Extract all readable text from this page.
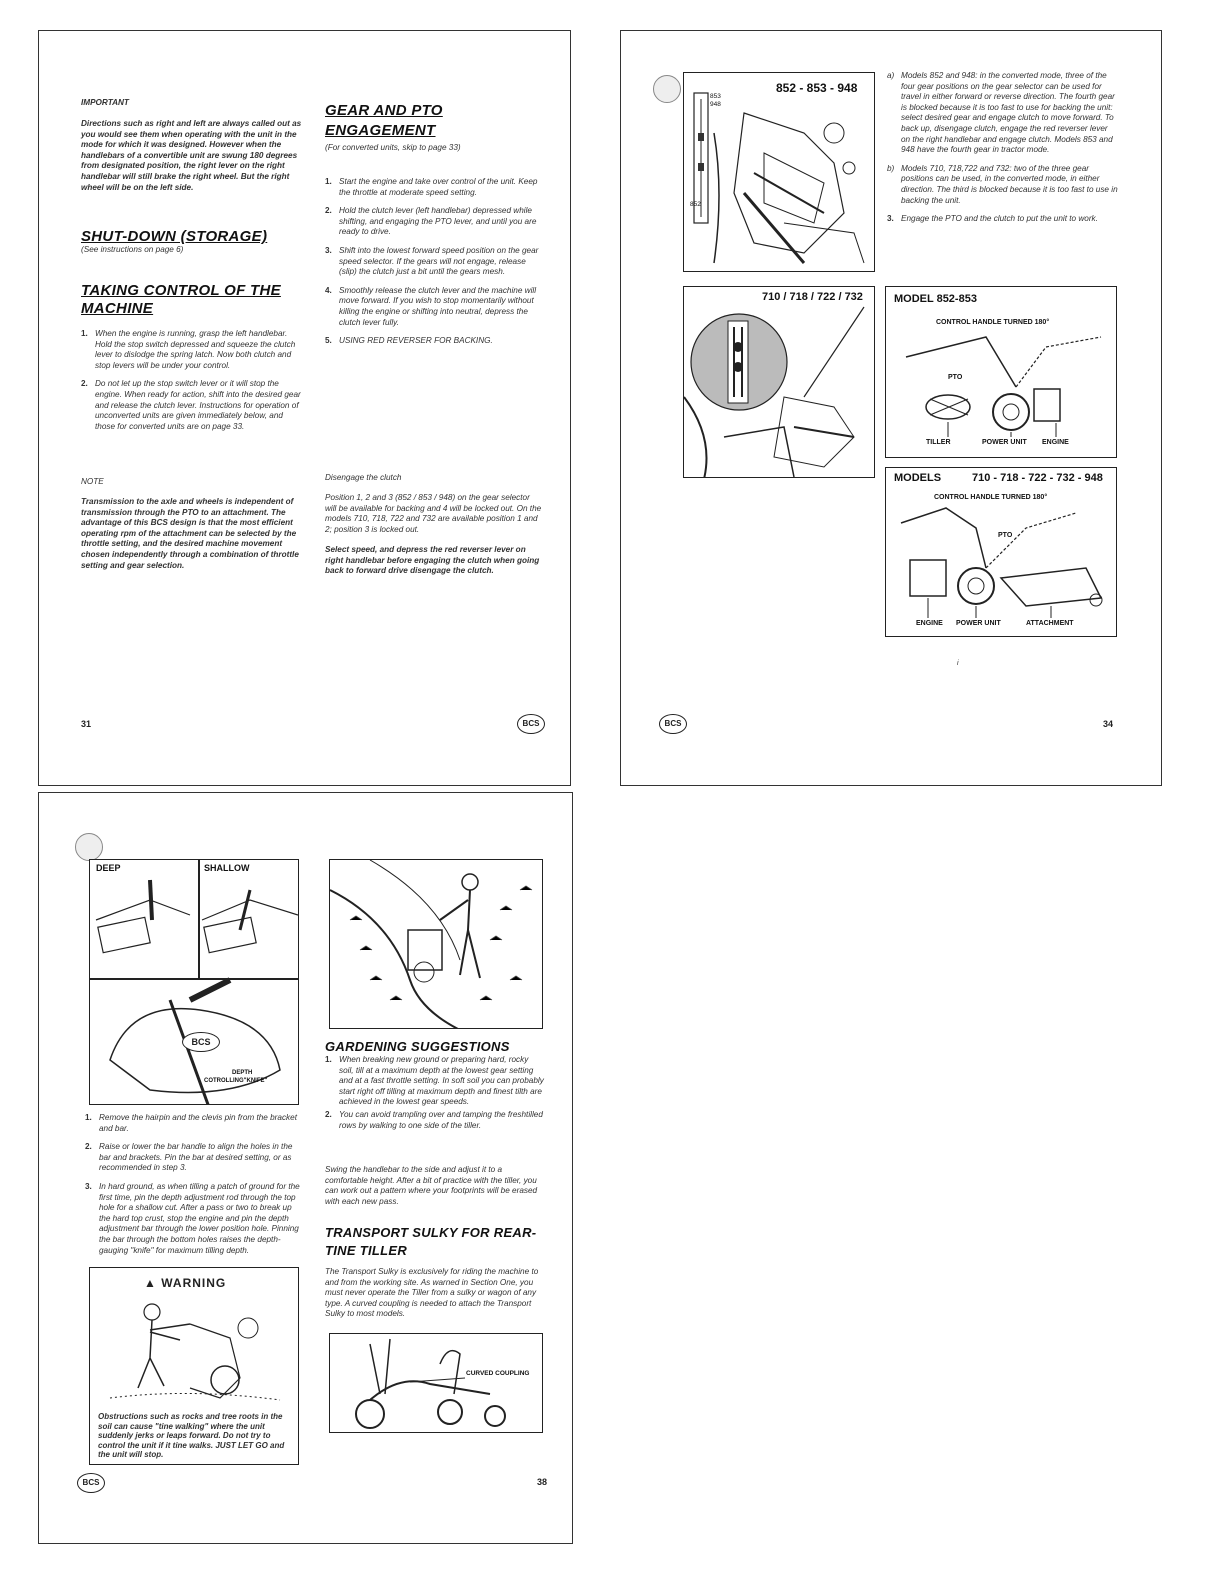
IMPORTANT
Directions such as right and left are always called out as you would see them when operating with the unit in the mode for which it was designed. However when the handlebars of a convertible unit are swung 180 degrees from designated position, the right lever on the right handlebar will still brake the right wheel. But the right wheel will be on the left side.
SHUT-DOWN (STORAGE)
(See instructions on page 6)
TAKING CONTROL OF THE
MACHINE
1. When the engine is running, grasp the left handlebar. Hold the stop switch depressed and squeeze the clutch lever to dislodge the spring latch. Now both clutch and stop levers will be under your control.
2. Do not let up the stop switch lever or it will stop the engine. When ready for action, shift into the desired gear and release the clutch lever. Instructions for operation of unconverted units are given immediately below, and those for converted units are on page 33.
NOTE
Transmission to the axle and wheels is independent of transmission through the PTO to an attachment. The advantage of this BCS design is that the most efficient operating rpm of the attachment can be selected by the throttle setting, and the desired machine movement chosen independently through a combination of throttle setting and gear selection.
GEAR AND PTO
ENGAGEMENT
(For converted units, skip to page 33)
1. Start the engine and take over control of the unit. Keep the throttle at moderate speed setting.
2. Hold the clutch lever (left handlebar) depressed while shifting, and engaging the PTO lever, and until you are ready to drive.
3. Shift into the lowest forward speed position on the gear speed selector. If the gears will not engage, release (slip) the clutch just a bit until the gears mesh.
4. Smoothly release the clutch lever and the machine will move forward. If you wish to stop momentarily without killing the engine or shifting into neutral, depress the clutch lever fully.
5. USING RED REVERSER FOR BACKING.
Disengage the clutch
Position 1, 2 and 3 (852 / 853 / 948) on the gear selector will be available for backing and 4 will be locked out. On the models 710, 718, 722 and 732 are available position 1 and 2; position 3 is locked out.
Select speed, and depress the red reverser lever on right handlebar before engaging the clutch when going back to forward drive disengage the clutch.
31	BCS
852 - 853 - 948
853
948
852
710 / 718 / 722 / 732
a) Models 852 and 948: in the converted mode, three of the four gear positions on the gear selector can be used for travel in either forward or reverse direction. The fourth gear is blocked because it is too fast to use for backing the unit: select desired gear and engage clutch to move forward. To back up, disengage clutch, engage the red reverser lever on the right handlebar and engage clutch. Models 853 and 948 have the fourth gear in tractor mode.
b) Models 710, 718,722 and 732: two of the three gear positions can be used, in the converted mode, in either direction. The third is blocked because it is too fast to use in backing the unit.
3. Engage the PTO and the clutch to put the unit to work.
MODEL 852-853
CONTROL HANDLE TURNED 180°
PTO
TILLER	POWER UNIT ENGINE
MODELS	710 - 718 - 722 - 732 - 948
CONTROL HANDLE TURNED 180°
PTO
ENGINE POWER UNIT	ATTACHMENT
i
BCS	34
DEEP	SHALLOW
BCS
DEPTH
COTROLLING"KNIFE"
1. Remove the hairpin and the clevis pin from the bracket and bar.
2. Raise or lower the bar handle to align the holes in the bar and brackets. Pin the bar at desired setting, or as recommended in step 3.
3. In hard ground, as when tilling a patch of ground for the first time, pin the depth adjustment rod through the top hole for a shallow cut. After a pass or two to break up the hard top crust, stop the engine and pin the depth adjustment bar through the lower position hole. Pinning the bar through the bottom holes raises the depth-gauging "knife" for maximum tilling depth.
▲ WARNING
Obstructions such as rocks and tree roots in the soil can cause "tine walking" where the unit suddenly jerks or leaps forward. Do not try to control the unit if it tine walks. JUST LET GO and the unit will stop.
GARDENING SUGGESTIONS
1. When breaking new ground or preparing hard, rocky soil, till at a maximum depth at the lowest gear setting and at a fast throttle setting. In soft soil you can probably start right off tilling at maximum depth and finest tilth are achieved in the lowest gear speeds.
2. You can avoid trampling over and tamping the freshtilled rows by walking to one side of the tiller.
Swing the handlebar to the side and adjust it to a comfortable height. After a bit of practice with the tiller, you can work out a pattern where your footprints will be erased with each new pass.
TRANSPORT SULKY FOR REAR-
TINE TILLER
The Transport Sulky is exclusively for riding the machine to and from the working site. As warned in Section One, you must never operate the Tiller from a sulky or wagon of any type. A curved coupling is needed to attach the Transport Sulky to most models.
CURVED COUPLING
BCS	38
